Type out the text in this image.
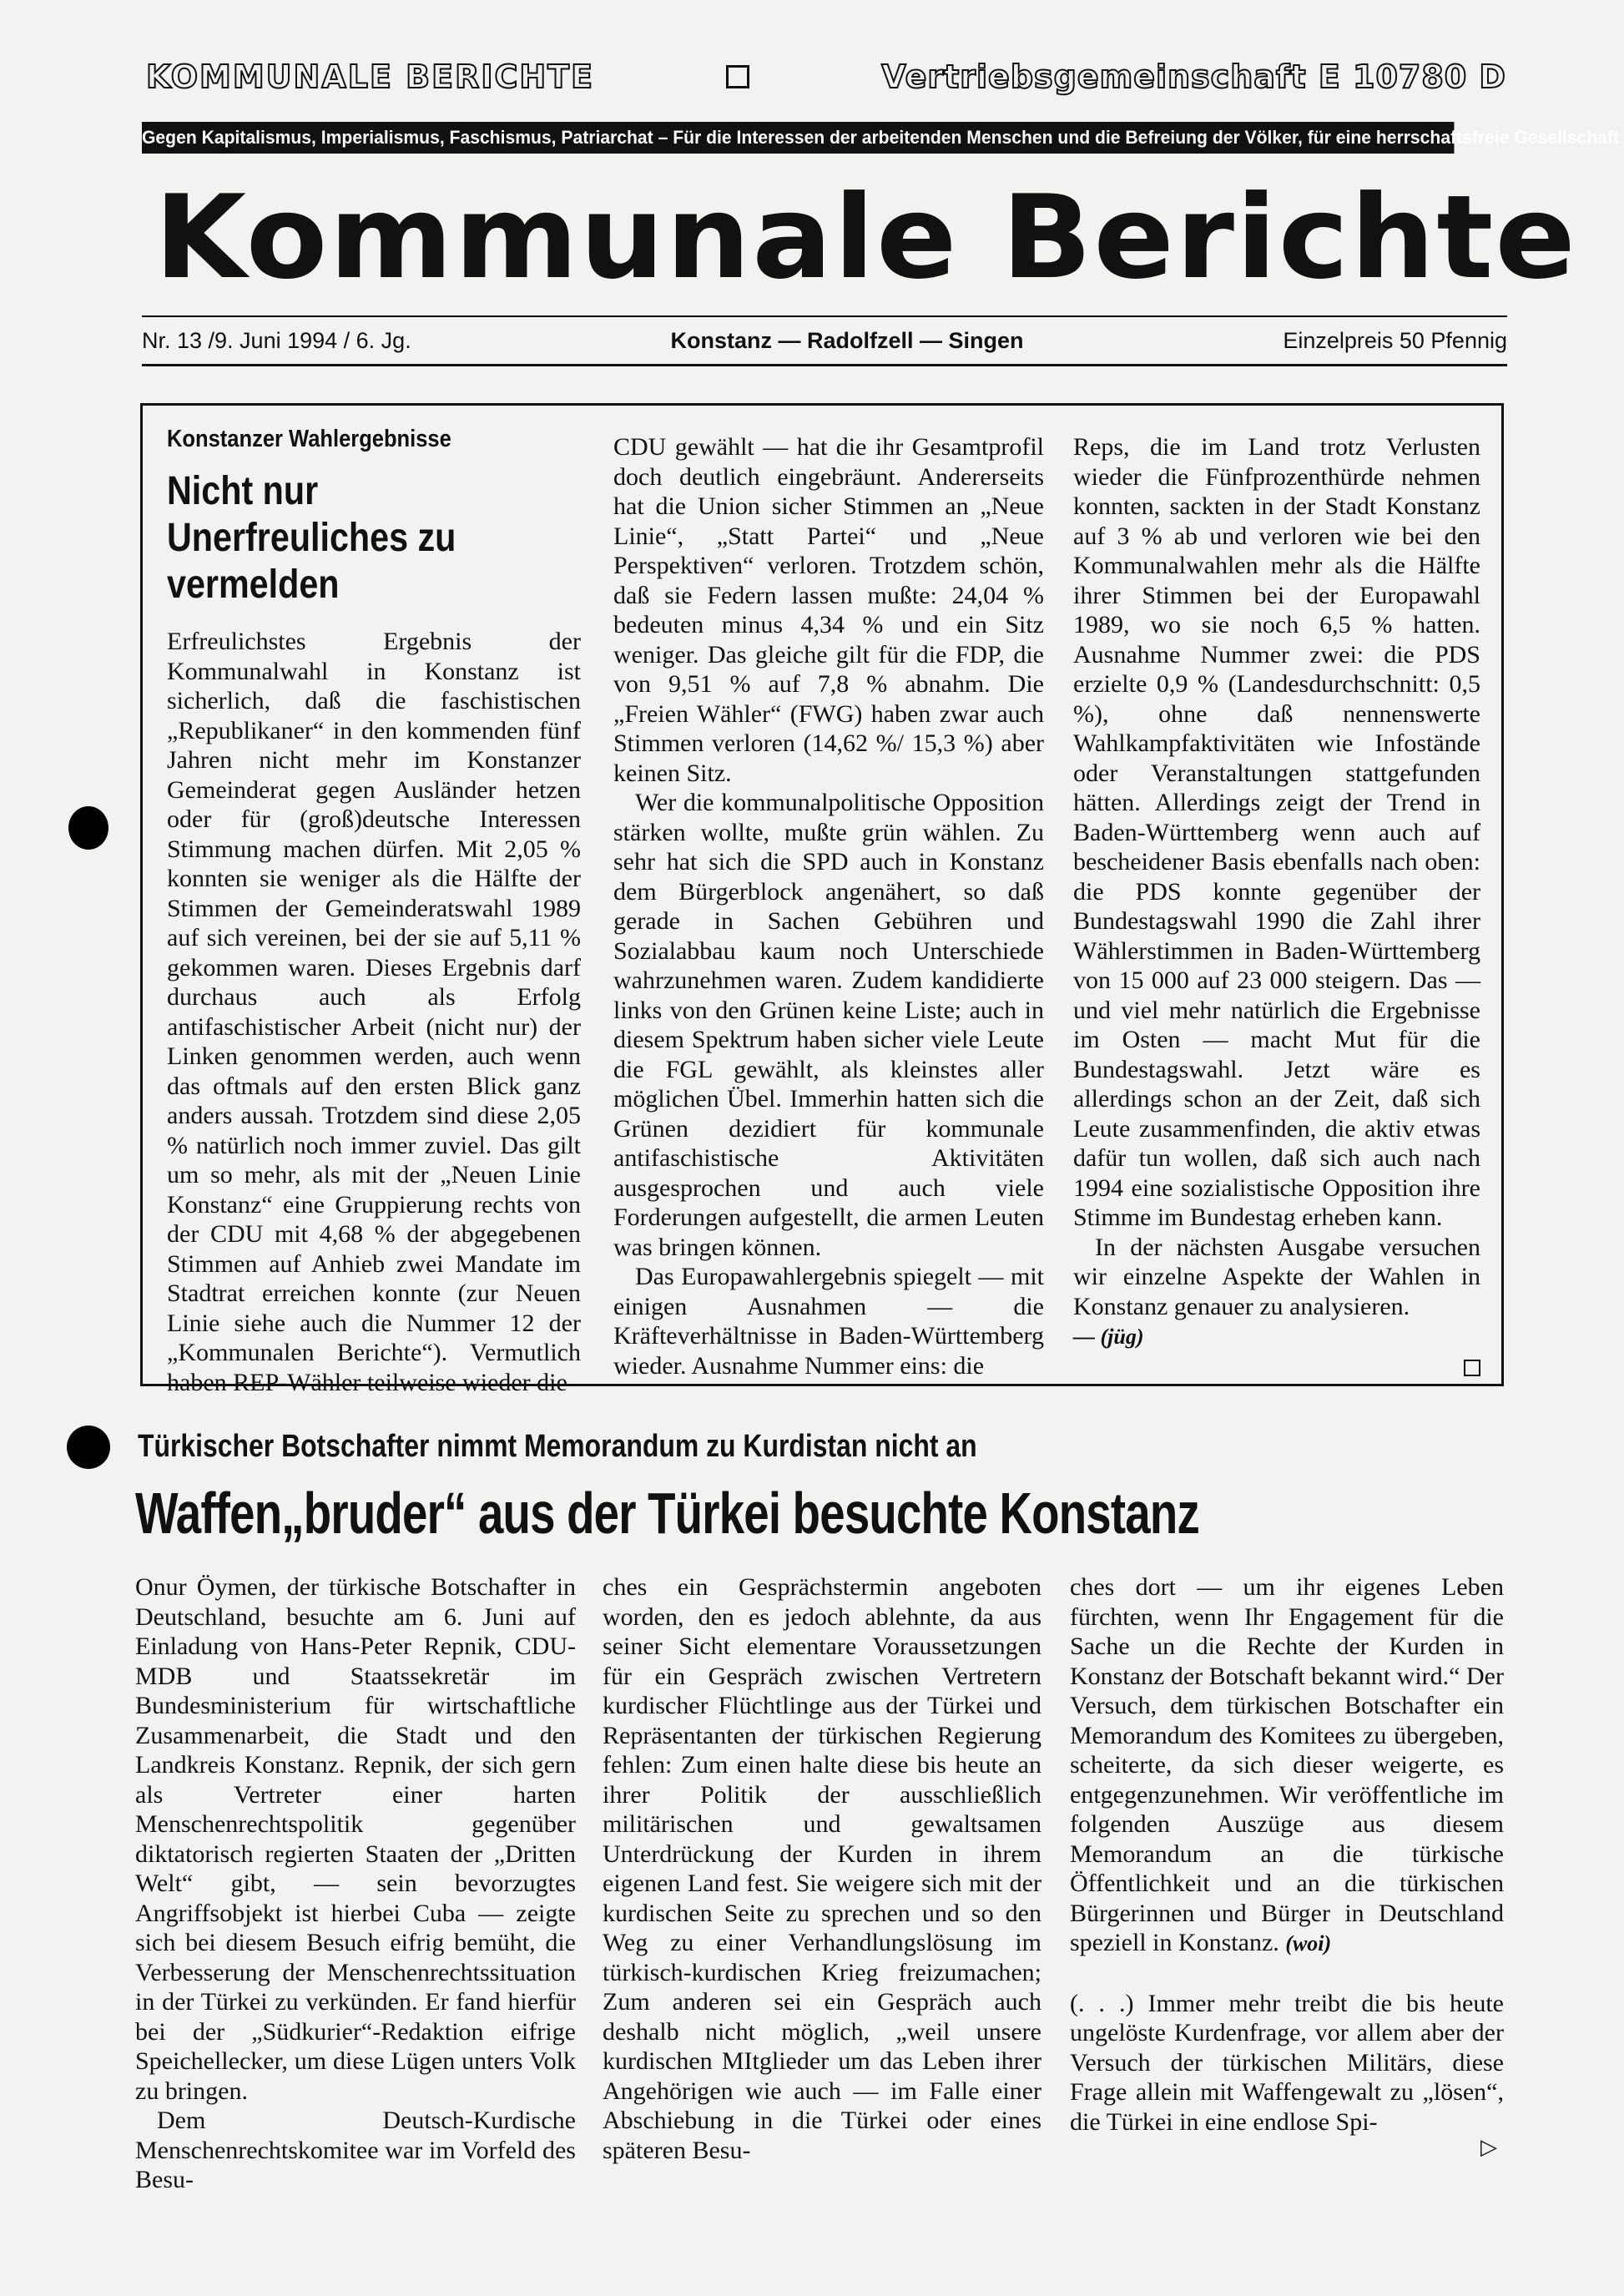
KOMMUNALE BERICHTE	Vertriebsgemeinschaft E 10780 D
Gegen Kapitalismus, Imperialismus, Faschismus, Patriarchat – Für die Interessen der arbeitenden Menschen und die Befreiung der Völker, für eine herrschaftsfreie Gesellschaft
Kommunale Berichte
Nr. 13 /9. Juni 1994 / 6. Jg.	Konstanz — Radolfzell — Singen	Einzelpreis 50 Pfennig
Konstanzer Wahlergebnisse
Nicht nur Unerfreuliches zu vermelden

Erfreulichstes Ergebnis der Kommunalwahl in Konstanz ist sicherlich, daß die faschistischen „Republikaner“ in den kommenden fünf Jahren nicht mehr im Konstanzer Gemeinderat gegen Ausländer hetzen oder für (groß)deutsche Interessen Stimmung machen dürfen. Mit 2,05 % konnten sie weniger als die Hälfte der Stimmen der Gemeinderatswahl 1989 auf sich vereinen, bei der sie auf 5,11 % gekommen waren. Dieses Ergebnis darf durchaus auch als Erfolg antifaschistischer Arbeit (nicht nur) der Linken genommen werden, auch wenn das oftmals auf den ersten Blick ganz anders aussah. Trotzdem sind diese 2,05 % natürlich noch immer zuviel. Das gilt um so mehr, als mit der „Neuen Linie Konstanz“ eine Gruppierung rechts von der CDU mit 4,68 % der abgegebenen Stimmen auf Anhieb zwei Mandate im Stadtrat erreichen konnte (zur Neuen Linie siehe auch die Nummer 12 der „Kommunalen Berichte“). Vermutlich haben REP-Wähler teilweise wieder die

CDU gewählt — hat die ihr Gesamtprofil doch deutlich eingebräunt. Andererseits hat die Union sicher Stimmen an „Neue Linie“, „Statt Partei“ und „Neue Perspektiven“ verloren. Trotzdem schön, daß sie Federn lassen mußte: 24,04 % bedeuten minus 4,34 % und ein Sitz weniger. Das gleiche gilt für die FDP, die von 9,51 % auf 7,8 % abnahm. Die „Freien Wähler“ (FWG) haben zwar auch Stimmen verloren (14,62 %/ 15,3 %) aber keinen Sitz.

Wer die kommunalpolitische Opposition stärken wollte, mußte grün wählen. Zu sehr hat sich die SPD auch in Konstanz dem Bürgerblock angenähert, so daß gerade in Sachen Gebühren und Sozialabbau kaum noch Unterschiede wahrzunehmen waren. Zudem kandidierte links von den Grünen keine Liste; auch in diesem Spektrum haben sicher viele Leute die FGL gewählt, als kleinstes aller möglichen Übel. Immerhin hatten sich die Grünen dezidiert für kommunale antifaschistische Aktivitäten ausgesprochen und auch viele Forderungen aufgestellt, die armen Leuten was bringen können.

Das Europawahlergebnis spiegelt — mit einigen Ausnahmen — die Kräfteverhältnisse in Baden-Württemberg wieder. Ausnahme Nummer eins: die

Reps, die im Land trotz Verlusten wieder die Fünfprozenthürde nehmen konnten, sackten in der Stadt Konstanz auf 3 % ab und verloren wie bei den Kommunalwahlen mehr als die Hälfte ihrer Stimmen bei der Europawahl 1989, wo sie noch 6,5 % hatten. Ausnahme Nummer zwei: die PDS erzielte 0,9 % (Landesdurchschnitt: 0,5 %), ohne daß nennenswerte Wahlkampfaktivitäten wie Infostände oder Veranstaltungen stattgefunden hätten. Allerdings zeigt der Trend in Baden-Württemberg wenn auch auf bescheidener Basis ebenfalls nach oben: die PDS konnte gegenüber der Bundestagswahl 1990 die Zahl ihrer Wählerstimmen in Baden-Württemberg von 15 000 auf 23 000 steigern. Das — und viel mehr natürlich die Ergebnisse im Osten — macht Mut für die Bundestagswahl. Jetzt wäre es allerdings schon an der Zeit, daß sich Leute zusammenfinden, die aktiv etwas dafür tun wollen, daß sich auch nach 1994 eine sozialistische Opposition ihre Stimme im Bundestag erheben kann.

In der nächsten Ausgabe versuchen wir einzelne Aspekte der Wahlen in Konstanz genauer zu analysieren.

— (jüg)

Türkischer Botschafter nimmt Memorandum zu Kurdistan nicht an
Waffen„bruder“ aus der Türkei besuchte Konstanz

Onur Öymen, der türkische Botschafter in Deutschland, besuchte am 6. Juni auf Einladung von Hans-Peter Repnik, CDU-MDB und Staatssekretär im Bundesministerium für wirtschaftliche Zusammenarbeit, die Stadt und den Landkreis Konstanz. Repnik, der sich gern als Vertreter einer harten Menschenrechtspolitik gegenüber diktatorisch regierten Staaten der „Dritten Welt“ gibt, — sein bevorzugtes Angriffsobjekt ist hierbei Cuba — zeigte sich bei diesem Besuch eifrig bemüht, die Verbesserung der Menschenrechtssituation in der Türkei zu verkünden. Er fand hierfür bei der „Südkurier“-Redaktion eifrige Speichellecker, um diese Lügen unters Volk zu bringen.

Dem Deutsch-Kurdische Menschenrechtskomitee war im Vorfeld des Besu-

ches ein Gesprächstermin angeboten worden, den es jedoch ablehnte, da aus seiner Sicht elementare Voraussetzungen für ein Gespräch zwischen Vertretern kurdischer Flüchtlinge aus der Türkei und Repräsentanten der türkischen Regierung fehlen: Zum einen halte diese bis heute an ihrer Politik der ausschließlich militärischen und gewaltsamen Unterdrückung der Kurden in ihrem eigenen Land fest. Sie weigere sich mit der kurdischen Seite zu sprechen und so den Weg zu einer Verhandlungslösung im türkisch-kurdischen Krieg freizumachen; Zum anderen sei ein Gespräch auch deshalb nicht möglich, „weil unsere kurdischen MItglieder um das Leben ihrer Angehörigen wie auch — im Falle einer Abschiebung in die Türkei oder eines späteren Besu-

ches dort — um ihr eigenes Leben fürchten, wenn Ihr Engagement für die Sache un die Rechte der Kurden in Konstanz der Botschaft bekannt wird.“ Der Versuch, dem türkischen Botschafter ein Memorandum des Komitees zu übergeben, scheiterte, da sich dieser weigerte, es entgegenzunehmen. Wir veröffentliche im folgenden Auszüge aus diesem Memorandum an die türkische Öffentlichkeit und an die türkischen Bürgerinnen und Bürger in Deutschland speziell in Konstanz. (woi)

(. . .) Immer mehr treibt die bis heute ungelöste Kurdenfrage, vor allem aber der Versuch der türkischen Militärs, diese Frage allein mit Waffengewalt zu „lösen“, die Türkei in eine endlose Spi-

▷
